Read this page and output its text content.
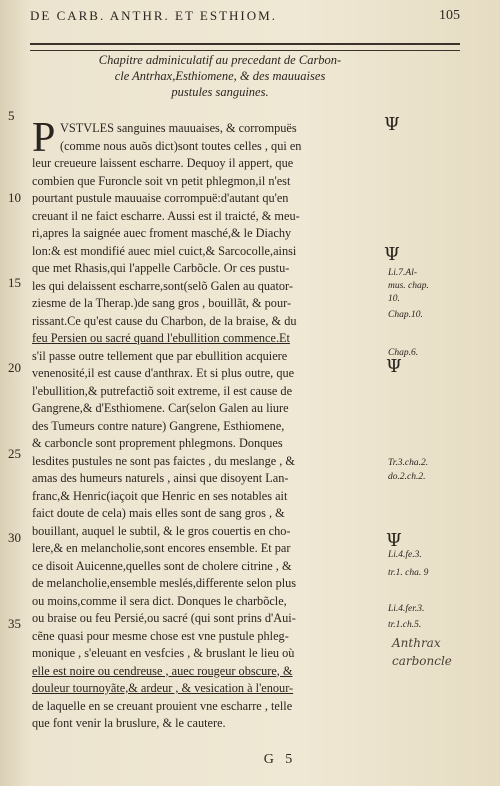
DE CARB. ANTHR. ET ESTHIOM.	105
Chapitre adminiculatif au precedant de Carbon-
cle Antrhax,Esthiomene, & des mauuaises
pustules sanguines.
5
10
15
20
25
30
35
P VSTVLES sanguines mauuaises, & corrompuës
(comme nous auõs dict)sont toutes celles , qui en
leur creueure laissent escharre. Dequoy il appert, que
combien que Furoncle soit vn petit phlegmon,il n'est
pourtant pustule mauuaise corrompuë:d'autant qu'en
creuant il ne faict escharre. Aussi est il traicté, & meu-
ri,apres la saignée auec froment masché,& le Diachy
lon:& est mondifié auec miel cuict,& Sarcocolle,ainsi
que met Rhasis,qui l'appelle Carbõcle. Or ces pustu-
les qui delaissent escharre,sont(selõ Galen au quator-
ziesme de la Therap.)de sang gros , bouillãt, & pour-
rissant.Ce qu'est cause du Charbon, de la braise, & du
feu Persien ou sacré quand l'ebullition commence.Et
s'il passe outre tellement que par ebullition acquiere
venenosité,il est cause d'anthrax. Et si plus outre, que
l'ebullition,& putrefactiõ soit extreme, il est cause de
Gangrene,& d'Esthiomene. Car(selon Galen au liure
des Tumeurs contre nature) Gangrene, Esthiomene,
& carboncle sont proprement phlegmons. Donques
lesdites pustules ne sont pas faictes , du meslange , &
amas des humeurs naturels , ainsi que disoyent Lan-
franc,& Henric(iaçoit que Henric en ses notables ait
faict doute de cela) mais elles sont de sang gros , &
bouillant, auquel le subtil, & le gros couertis en cho-
lere,& en melancholie,sont encores ensemble. Et par
ce disoit Auicenne,quelles sont de cholere citrine , &
de melancholie,ensemble meslés,differente selon plus
ou moins,comme il sera dict. Donques le charbõcle,
ou braise ou feu Persié,ou sacré (qui sont prins d'Aui-
cẽne quasi pour mesme chose est vne pustule phleg-
monique , s'eleuant en vesfcies , & bruslant le lieu où
elle est noire ou cendreuse , auec rougeur obscure, &
douleur tournoyãte,& ardeur , & vesication à l'enour-
de laquelle en se creuant prouient vne escharre , telle
que font venir la bruslure, & le cautere.
Ψ
Ψ
Ψ
Ψ
Li.7.Al-
mus. chap.
10.
Chap.10.
Chap.6.
Tr.3.cha.2.
do.2.ch.2.
Li.4.fe.3.
tr.1. cha. 9
Li.4.fer.3.
tr.1.ch.5.
Anthrax
carboncle
G 5
